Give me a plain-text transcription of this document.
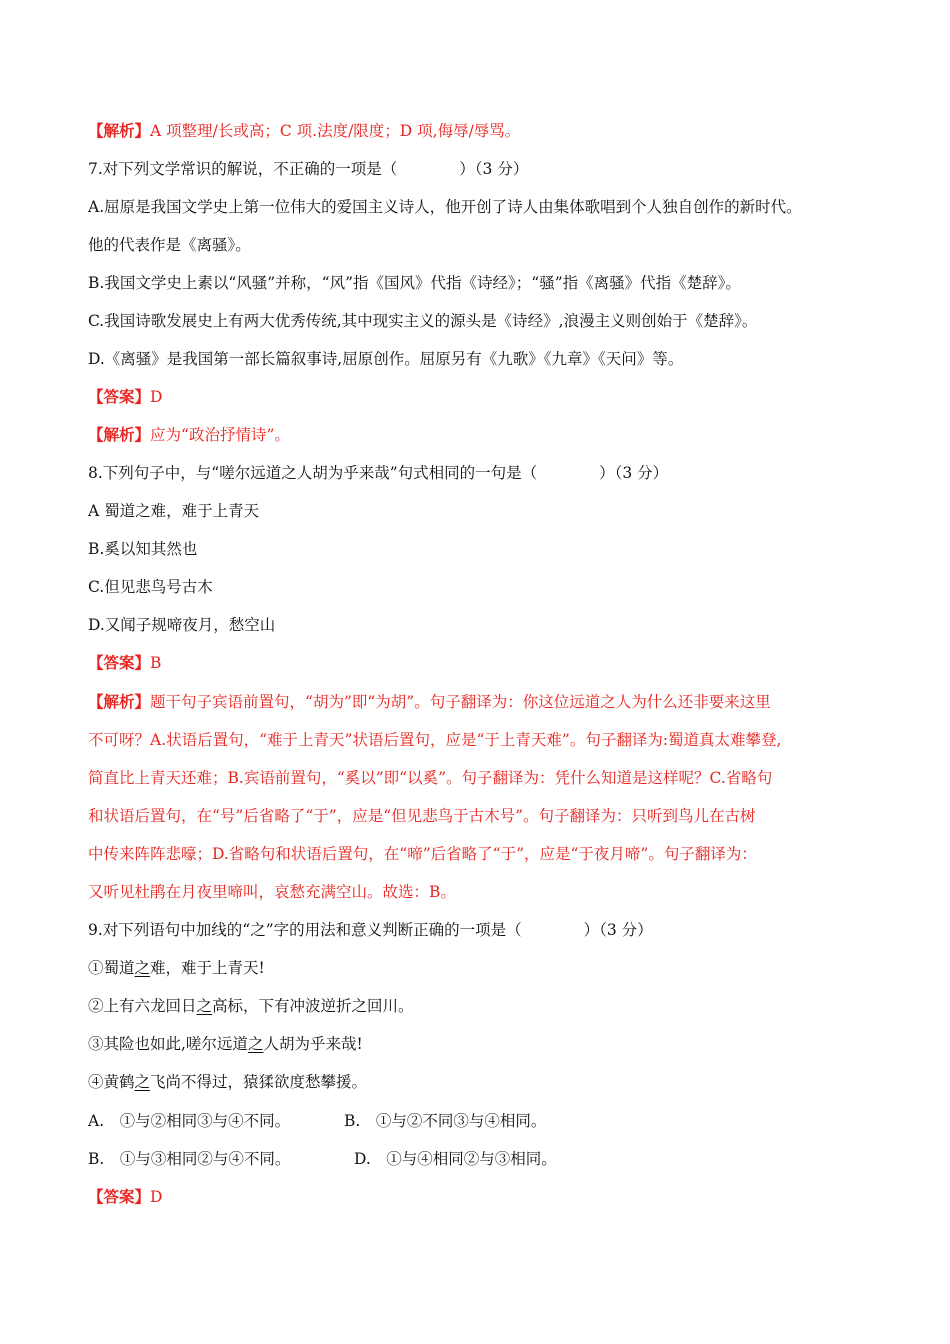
【解析】A 项整理/长或高；C 项.法度/限度；D 项,侮辱/辱骂。
7.对下列文学常识的解说，不正确的一项是（　　　　）（3 分）
A.屈原是我国文学史上第一位伟大的爱国主义诗人，他开创了诗人由集体歌唱到个人独自创作的新时代。
他的代表作是《离骚》。
B.我国文学史上素以“风骚”并称，“风”指《国风》代指《诗经》；“骚”指《离骚》代指《楚辞》。
C.我国诗歌发展史上有两大优秀传统,其中现实主义的源头是《诗经》,浪漫主义则创始于《楚辞》。
D.《离骚》是我国第一部长篇叙事诗,屈原创作。屈原另有《九歌》《九章》《天问》等。
【答案】D
【解析】应为“政治抒情诗”。
8.下列句子中，与“嗟尔远道之人胡为乎来哉”句式相同的一句是（　　　　）（3 分）
A 蜀道之难，难于上青天
B.奚以知其然也
C.但见悲鸟号古木
D.又闻子规啼夜月，愁空山
【答案】B
【解析】题干句子宾语前置句，“胡为”即“为胡”。句子翻译为：你这位远道之人为什么还非要来这里
不可呀？A.状语后置句，“难于上青天”状语后置句，应是“于上青天难”。句子翻译为:蜀道真太难攀登,
简直比上青天还难；B.宾语前置句，“奚以”即“以奚”。句子翻译为：凭什么知道是这样呢？C.省略句
和状语后置句，在“号”后省略了“于”，应是“但见悲鸟于古木号”。句子翻译为：只听到鸟儿在古树
中传来阵阵悲嚎；D.省略句和状语后置句，在“啼”后省略了“于”，应是“于夜月啼”。句子翻译为：
又听见杜鹃在月夜里啼叫，哀愁充满空山。故选：B。
9.对下列语句中加线的“之”字的用法和意义判断正确的一项是（　　　　）（3 分）
①蜀道之难，难于上青天!
②上有六龙回日之高标，下有冲波逆折之回川。
③其险也如此,嗟尔远道之人胡为乎来哉!
④黄鹤之飞尚不得过，猿猱欲度愁攀援。
A.　①与②相同③与④不同。	B.　①与②不同③与④相同。
B.　①与③相同②与④不同。	D.　①与④相同②与③相同。
【答案】D
